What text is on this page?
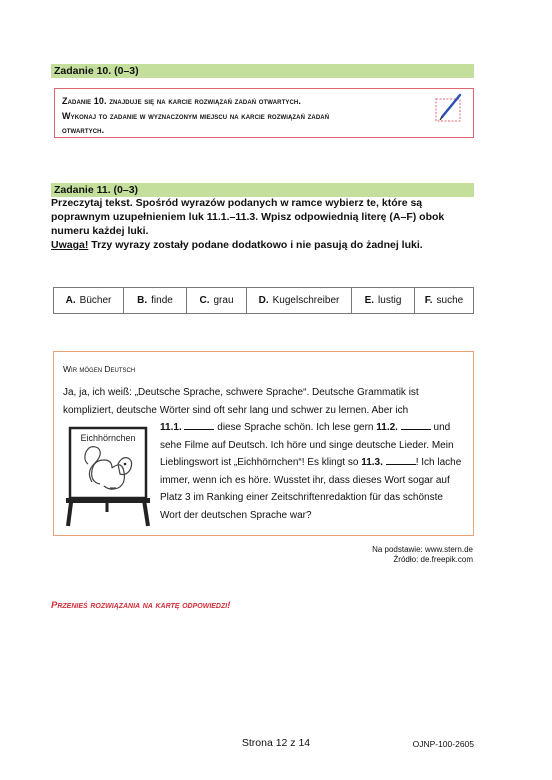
Zadanie 10. (0–3)
Zadanie 10. znajduje się na karcie rozwiązań zadań otwartych.
Wykonaj to zadanie w wyznaczonym miejscu na karcie rozwiązań zadań
otwartych.
Zadanie 11. (0–3)
Przeczytaj tekst. Spośród wyrazów podanych w ramce wybierz te, które są
poprawnym uzupełnieniem luk 11.1.–11.3. Wpisz odpowiednią literę (A–F) obok
numeru każdej luki.
Uwaga! Trzy wyrazy zostały podane dodatkowo i nie pasują do żadnej luki.
A. Bücher	B. finde	C. grau	D. Kugelschreiber	E. lustig F. suche
Wir mögen Deutsch
Ja, ja, ich weiß: „Deutsche Sprache, schwere Sprache“. Deutsche Grammatik ist kompliziert, deutsche Wörter sind oft sehr lang und schwer zu lernen. Aber ich
Eichhörnchen
11.1.	diese Sprache schön. Ich lese gern 11.2.	und sehe Filme auf Deutsch. Ich höre und singe deutsche Lieder. Mein Lieblingswort ist „Eichhörnchen“! Es klingt so 11.3.	! Ich lache immer, wenn ich es höre. Wusstet ihr, dass dieses Wort sogar auf Platz 3 im Ranking einer Zeitschriftenredaktion für das schönste Wort der deutschen Sprache war?
Na podstawie: www.stern.de
Źródło: de.freepik.com
Przenieś rozwiązania na kartę odpowiedzi!
Strona 12 z 14	OJNP-100-2605
